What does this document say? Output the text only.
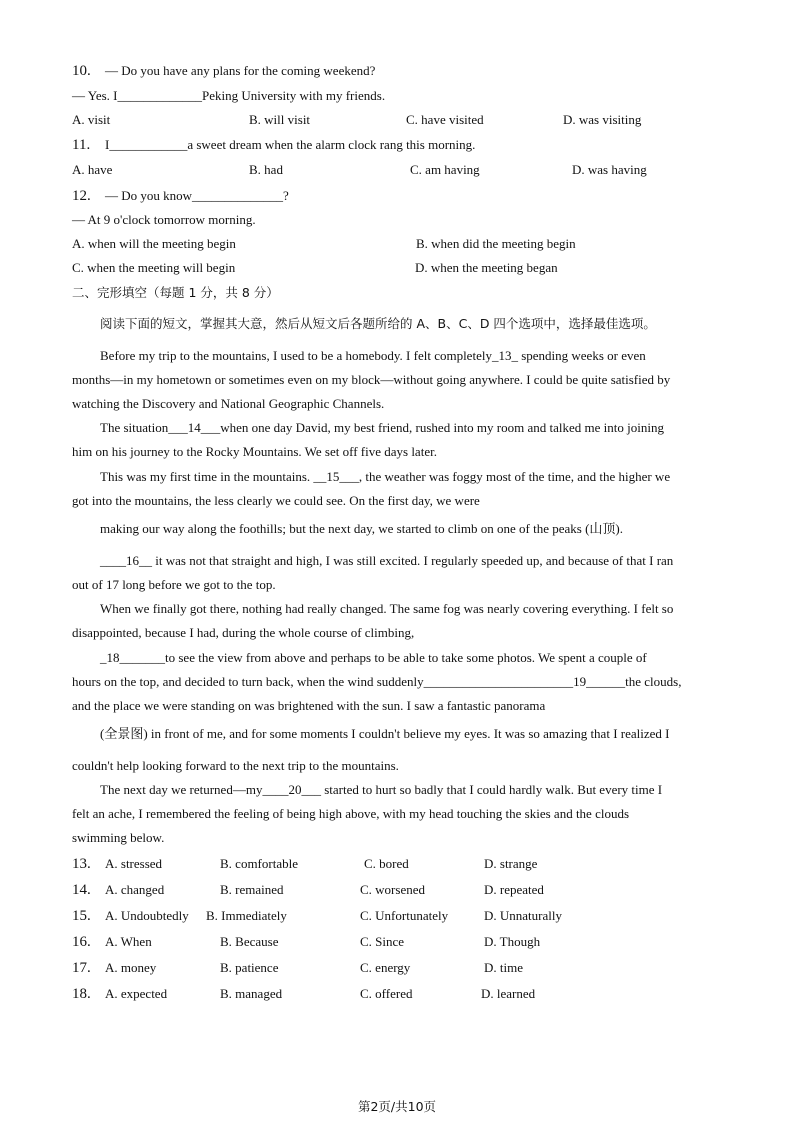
10. — Do you have any plans for the coming weekend?
— Yes. I_____________Peking University with my friends.
A. visit	B. will visit	C. have visited	D. was visiting
11. I____________a sweet dream when the alarm clock rang this morning.
A. have	B. had	C. am having	D. was having
12. — Do you know______________?
— At 9 o'clock tomorrow morning.
A. when will the meeting begin	B. when did the meeting begin
C. when the meeting will begin	D. when the meeting began
二、完形填空（每题 1 分，共 8 分）
阅读下面的短文，掌握其大意，然后从短文后各题所给的 A、B、C、D 四个选项中，选择最佳选项。
Before my trip to the mountains, I used to be a homebody. I felt completely_13_ spending weeks or even
months—in my hometown or sometimes even on my block—without going anywhere. I could be quite satisfied by
watching the Discovery and National Geographic Channels.
The situation___14___when one day David, my best friend, rushed into my room and talked me into joining
him on his journey to the Rocky Mountains. We set off five days later.
This was my first time in the mountains. __15___, the weather was foggy most of the time, and the higher we
got into the mountains, the less clearly we could see. On the first day, we were
making our way along the foothills; but the next day, we started to climb on one of the peaks (山顶).
____16__ it was not that straight and high, I was still excited. I regularly speeded up, and because of that I ran
out of 17 long before we got to the top.
When we finally got there, nothing had really changed. The same fog was nearly covering everything. I felt so
disappointed, because I had, during the whole course of climbing,
_18_______to see the view from above and perhaps to be able to take some photos. We spent a couple of
hours on the top, and decided to turn back, when the wind suddenly_______________________19______the clouds,
and the place we were standing on was brightened with the sun. I saw a fantastic panorama
(全景图) in front of me, and for some moments I couldn't believe my eyes. It was so amazing that I realized I
couldn't help looking forward to the next trip to the mountains.
The next day we returned—my____20___ started to hurt so badly that I could hardly walk. But every time I
felt an ache, I remembered the feeling of being high above, with my head touching the skies and the clouds
swimming below.
13. A. stressed	B. comfortable	C. bored	D. strange
14. A. changed	B. remained	C. worsened	D. repeated
15. A. Undoubtedly B. Immediately	C. Unfortunately	D. Unnaturally
16. A. When	B. Because	C. Since	D. Though
17. A. money	B. patience	C. energy	D. time
18. A. expected	B. managed	C. offered	D. learned
第2页/共10页
